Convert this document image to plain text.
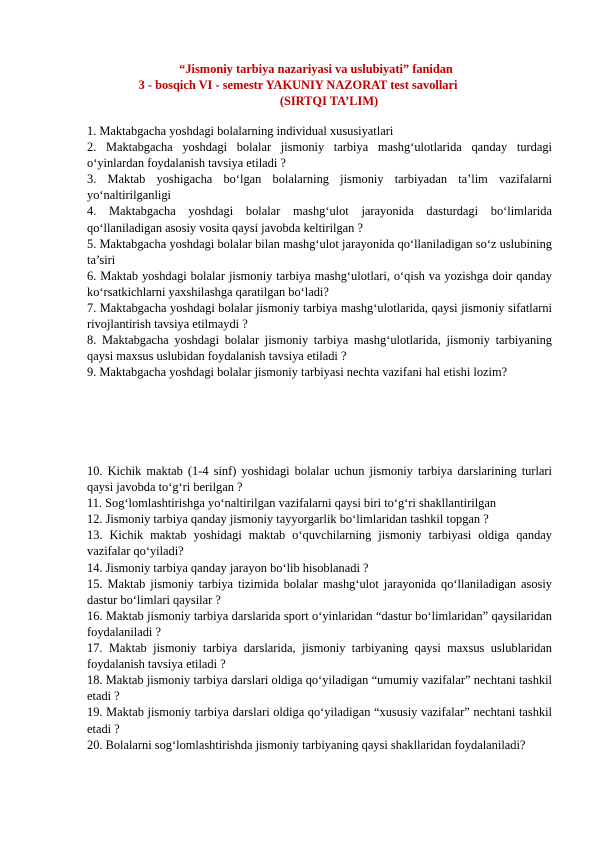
“Jismoniy tarbiya nazariyasi va uslubiyati” fanidan
3 - bosqich VI - semestr YAKUNIY NAZORAT test savollari
(SIRTQI TA’LIM)

1. Maktabgacha yoshdagi bolalarning individual xususiyatlari

2. Maktabgacha yoshdagi bolalar jismoniy tarbiya mashg‘ulotlarida qanday turdagi o‘yinlardan foydalanish tavsiya etiladi ?

3. Maktab yoshigacha bo‘lgan bolalarning jismoniy tarbiyadan ta’lim vazifalarni yo‘naltirilganligi

4. Maktabgacha yoshdagi bolalar mashg‘ulot jarayonida dasturdagi bo‘limlarida qo‘llaniladigan asosiy vosita qaysi javobda keltirilgan ?

5. Maktabgacha yoshdagi bolalar bilan mashg‘ulot jarayonida qo‘llaniladigan so‘z uslubining ta’siri

6. Maktab yoshdagi bolalar jismoniy tarbiya mashg‘ulotlari, o‘qish va yozishga doir qanday ko‘rsatkichlarni yaxshilashga qaratilgan bo‘ladi?

7. Maktabgacha yoshdagi bolalar jismoniy tarbiya mashg‘ulotlarida, qaysi jismoniy sifatlarni rivojlantirish tavsiya etilmaydi ?

8. Maktabgacha yoshdagi bolalar jismoniy tarbiya mashg‘ulotlarida, jismoniy tarbiyaning qaysi maxsus uslubidan foydalanish tavsiya etiladi ?

9. Maktabgacha yoshdagi bolalar jismoniy tarbiyasi nechta vazifani hal etishi lozim?

10. Kichik maktab (1-4 sinf) yoshidagi bolalar uchun jismoniy tarbiya darslarining turlari qaysi javobda to‘g‘ri berilgan ?

11. Sog‘lomlashtirishga yo‘naltirilgan vazifalarni qaysi biri to‘g‘ri shakllantirilgan

12. Jismoniy tarbiya qanday jismoniy tayyorgarlik bo‘limlaridan tashkil topgan ?

13. Kichik maktab yoshidagi maktab o‘quvchilarning jismoniy tarbiyasi oldiga qanday vazifalar qo‘yiladi?

14. Jismoniy tarbiya qanday jarayon bo‘lib hisoblanadi ?

15. Maktab jismoniy tarbiya tizimida bolalar mashg‘ulot jarayonida qo‘llaniladigan asosiy dastur bo‘limlari qaysilar ?

16. Maktab jismoniy tarbiya darslarida sport o‘yinlaridan “dastur bo‘limlaridan” qaysilaridan foydalaniladi ?

17. Maktab jismoniy tarbiya darslarida, jismoniy tarbiyaning qaysi maxsus uslublaridan foydalanish tavsiya etiladi ?

18. Maktab jismoniy tarbiya darslari oldiga qo‘yiladigan “umumiy vazifalar” nechtani tashkil etadi ?

19. Maktab jismoniy tarbiya darslari oldiga qo‘yiladigan “xususiy vazifalar” nechtani tashkil etadi ?

20. Bolalarni sog‘lomlashtirishda jismoniy tarbiyaning qaysi shakllaridan foydalaniladi?
